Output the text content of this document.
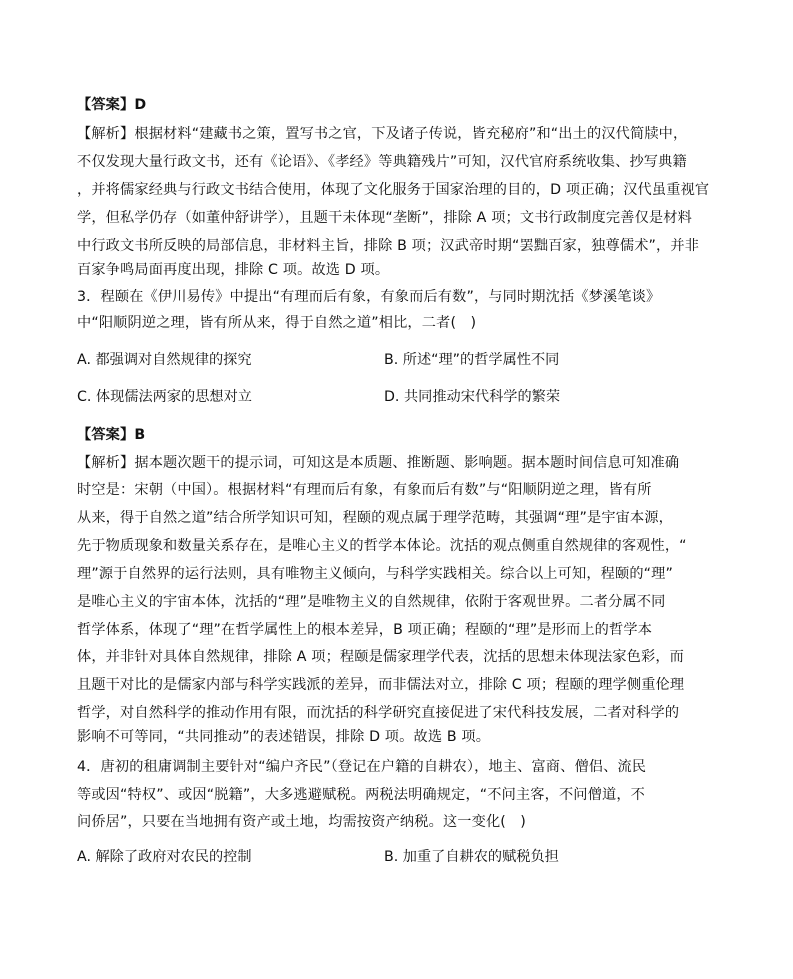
【答案】D
【解析】根据材料“建藏书之策，置写书之官，下及诸子传说，皆充秘府”和“出土的汉代简牍中，
不仅发现大量行政文书，还有《论语》、《孝经》等典籍残片”可知，汉代官府系统收集、抄写典籍
，并将儒家经典与行政文书结合使用，体现了文化服务于国家治理的目的，D 项正确；汉代虽重视官
学，但私学仍存（如董仲舒讲学），且题干未体现“垄断”，排除 A 项；文书行政制度完善仅是材料
中行政文书所反映的局部信息，非材料主旨，排除 B 项；汉武帝时期“罢黜百家，独尊儒术”，并非
百家争鸣局面再度出现，排除 C 项。故选 D 项。
3．程颐在《伊川易传》中提出“有理而后有象，有象而后有数”，与同时期沈括《梦溪笔谈》
中“阳顺阴逆之理，皆有所从来，得于自然之道”相比，二者(　)
A. 都强调对自然规律的探究	B. 所述“理”的哲学属性不同
C. 体现儒法两家的思想对立	D. 共同推动宋代科学的繁荣
【答案】B
【解析】据本题次题干的提示词，可知这是本质题、推断题、影响题。据本题时间信息可知准确
时空是：宋朝（中国）。根据材料“有理而后有象，有象而后有数”与“阳顺阴逆之理，皆有所
从来，得于自然之道”结合所学知识可知，程颐的观点属于理学范畴，其强调“理”是宇宙本源，
先于物质现象和数量关系存在，是唯心主义的哲学本体论。沈括的观点侧重自然规律的客观性，“
理”源于自然界的运行法则，具有唯物主义倾向，与科学实践相关。综合以上可知，程颐的“理”
是唯心主义的宇宙本体，沈括的“理”是唯物主义的自然规律，依附于客观世界。二者分属不同
哲学体系，体现了“理”在哲学属性上的根本差异，B 项正确；程颐的“理”是形而上的哲学本
体，并非针对具体自然规律，排除 A 项；程颐是儒家理学代表，沈括的思想未体现法家色彩，而
且题干对比的是儒家内部与科学实践派的差异，而非儒法对立，排除 C 项；程颐的理学侧重伦理
哲学，对自然科学的推动作用有限，而沈括的科学研究直接促进了宋代科技发展，二者对科学的
影响不可等同，“共同推动”的表述错误，排除 D 项。故选 B 项。
4．唐初的租庸调制主要针对“编户齐民”（登记在户籍的自耕农），地主、富商、僧侣、流民
等或因“特权”、或因“脱籍”，大多逃避赋税。两税法明确规定，“不问主客，不问僧道，不
问侨居”，只要在当地拥有资产或土地，均需按资产纳税。这一变化(　)
A. 解除了政府对农民的控制	B. 加重了自耕农的赋税负担
